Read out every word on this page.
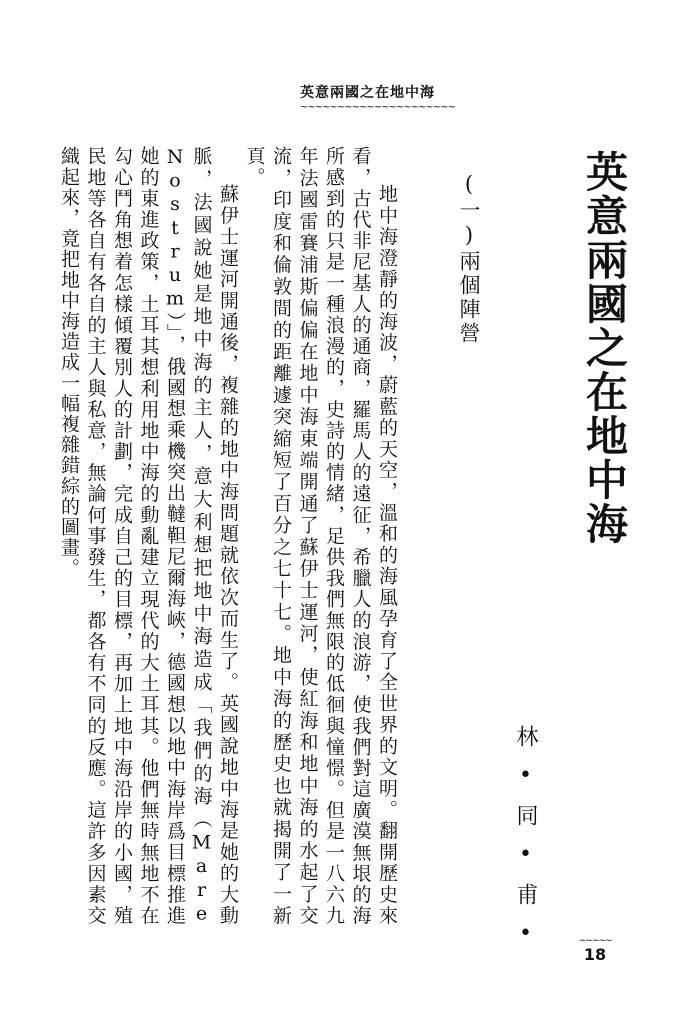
英意兩國之在地中海
~~~~~~~~~~~~~~~~~~~~~
英意兩國之在地中海
林•同•甫•
(一)兩個陣營

地中海澄靜的海波，蔚藍的天空，溫和的海風孕育了全世界的文明。翻開歷史來看，古代非尼基人的通商，羅馬人的遠征，希臘人的浪游，使我們對這廣漠無垠的海所感到的只是一種浪漫的，史詩的情緒，足供我們無限的低徊與憧憬。但是一八六九年法國雷賽浦斯偏偏在地中海東端開通了蘇伊士運河，使紅海和地中海的水起了交流，印度和倫敦間的距離遽突縮短了百分之七十七。地中海的歷史也就揭開了一新頁。

蘇伊士運河開通後，複雜的地中海問題就依次而生了。英國說地中海是她的大動脈，法國說她是地中海的主人，意大利想把地中海造成「我們的海（Mare Nostrum）」，俄國想乘機突出韃靼尼爾海峽，德國想以地中海岸爲目標推進她的東進政策，土耳其想利用地中海的動亂建立現代的大土耳其。他們無時無地不在勾心鬥角想着怎樣傾覆別人的計劃，完成自己的目標，再加上地中海沿岸的小國，殖民地等各自有各自的主人與私意，無論何事發生，都各有不同的反應。這許多因素交織起來，竟把地中海造成一幅複雜錯綜的圖畫。

~~~~~
18
